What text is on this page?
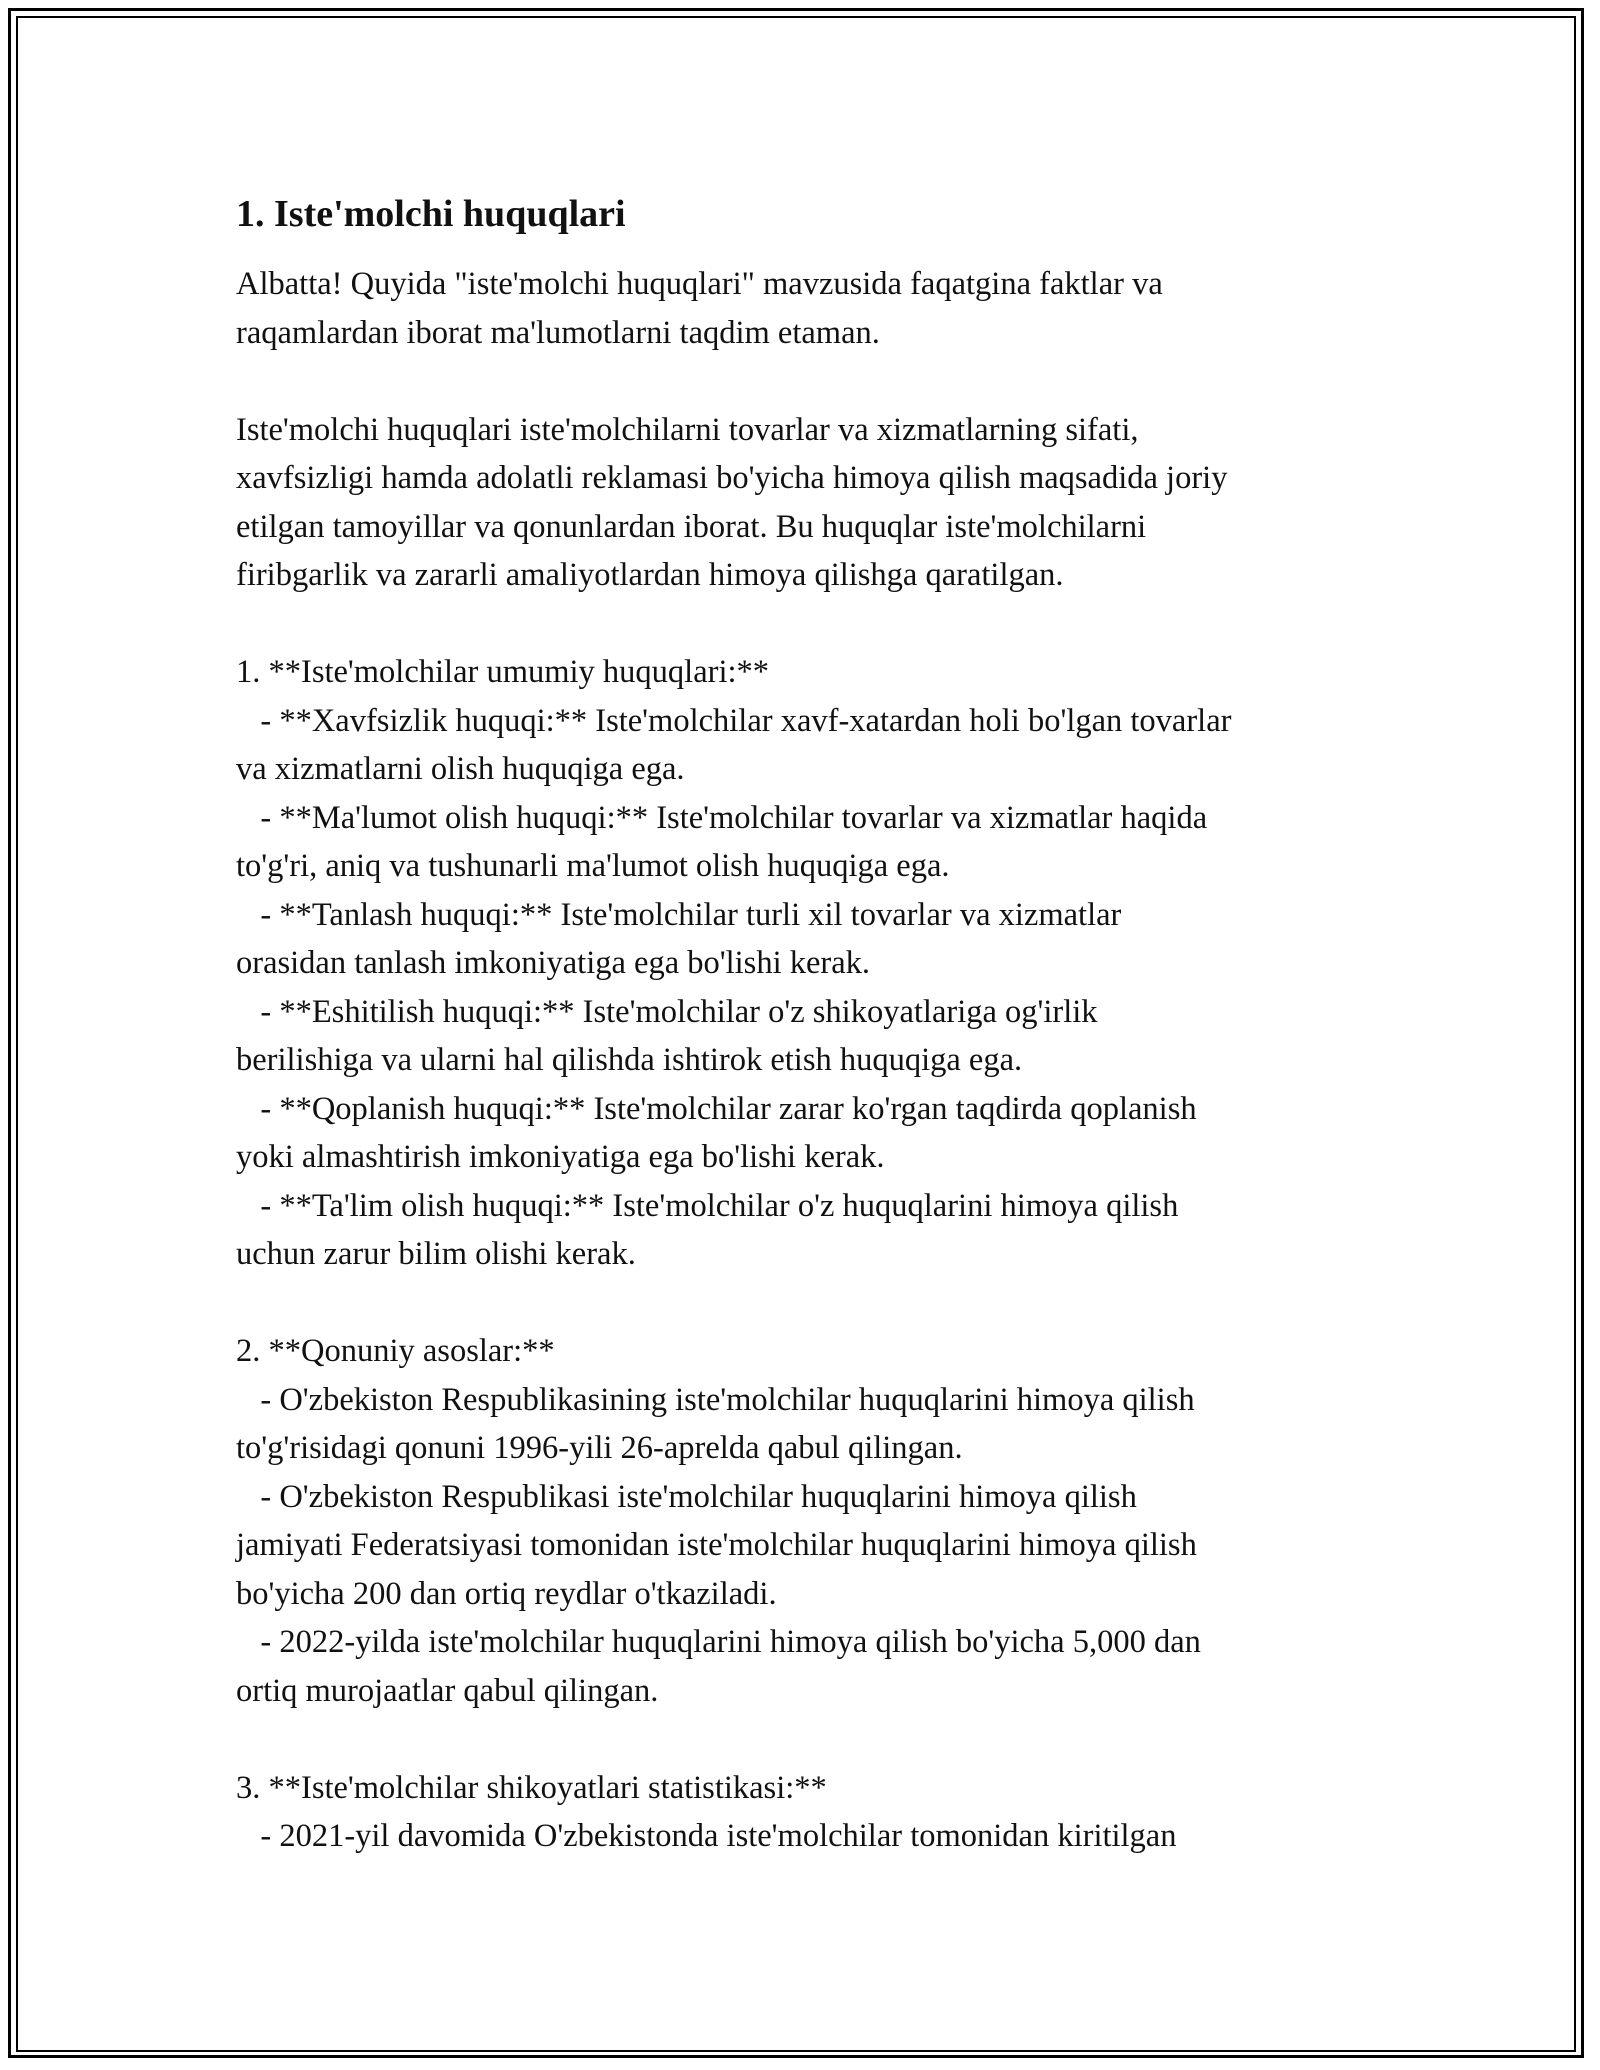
1. Iste'molchi huquqlari

Albatta! Quyida "iste'molchi huquqlari" mavzusida faqatgina faktlar va
raqamlardan iborat ma'lumotlarni taqdim etaman.

Iste'molchi huquqlari iste'molchilarni tovarlar va xizmatlarning sifati,
xavfsizligi hamda adolatli reklamasi bo'yicha himoya qilish maqsadida joriy
etilgan tamoyillar va qonunlardan iborat. Bu huquqlar iste'molchilarni
firibgarlik va zararli amaliyotlardan himoya qilishga qaratilgan.

1. **Iste'molchilar umumiy huquqlari:**
- **Xavfsizlik huquqi:** Iste'molchilar xavf-xatardan holi bo'lgan tovarlar
va xizmatlarni olish huquqiga ega.
- **Ma'lumot olish huquqi:** Iste'molchilar tovarlar va xizmatlar haqida
to'g'ri, aniq va tushunarli ma'lumot olish huquqiga ega.
- **Tanlash huquqi:** Iste'molchilar turli xil tovarlar va xizmatlar
orasidan tanlash imkoniyatiga ega bo'lishi kerak.
- **Eshitilish huquqi:** Iste'molchilar o'z shikoyatlariga og'irlik
berilishiga va ularni hal qilishda ishtirok etish huquqiga ega.
- **Qoplanish huquqi:** Iste'molchilar zarar ko'rgan taqdirda qoplanish
yoki almashtirish imkoniyatiga ega bo'lishi kerak.
- **Ta'lim olish huquqi:** Iste'molchilar o'z huquqlarini himoya qilish
uchun zarur bilim olishi kerak.

2. **Qonuniy asoslar:**
- O'zbekiston Respublikasining iste'molchilar huquqlarini himoya qilish
to'g'risidagi qonuni 1996-yili 26-aprelda qabul qilingan.
- O'zbekiston Respublikasi iste'molchilar huquqlarini himoya qilish
jamiyati Federatsiyasi tomonidan iste'molchilar huquqlarini himoya qilish
bo'yicha 200 dan ortiq reydlar o'tkaziladi.
- 2022-yilda iste'molchilar huquqlarini himoya qilish bo'yicha 5,000 dan
ortiq murojaatlar qabul qilingan.

3. **Iste'molchilar shikoyatlari statistikasi:**
- 2021-yil davomida O'zbekistonda iste'molchilar tomonidan kiritilgan
